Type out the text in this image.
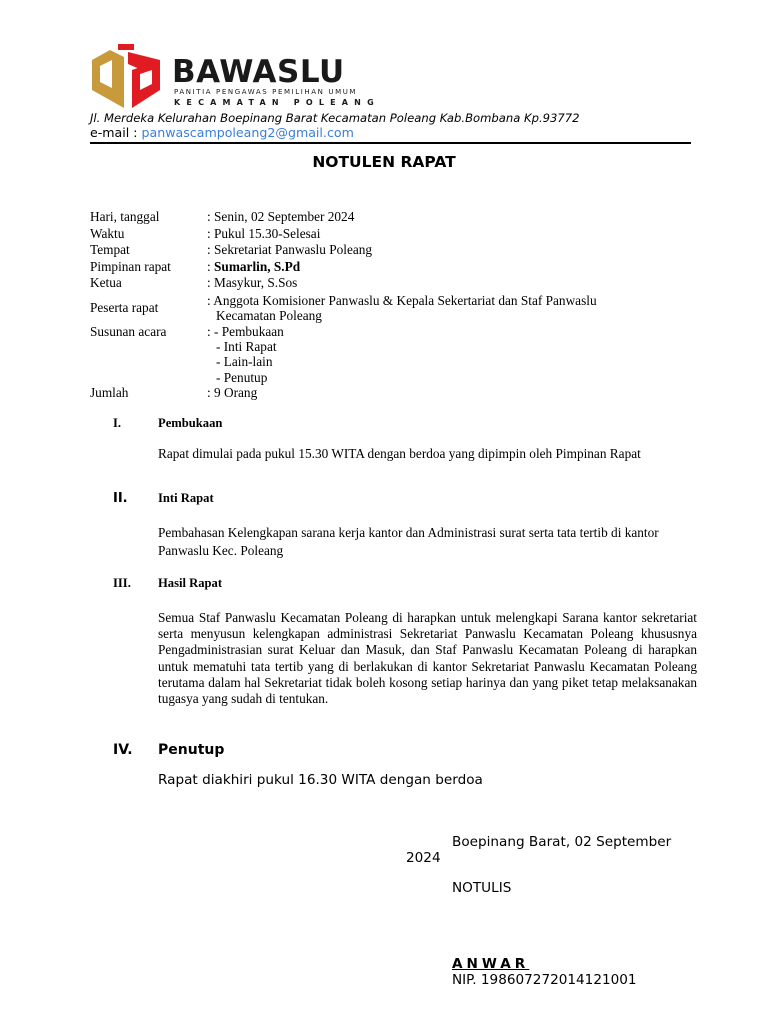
BAWASLU
PANITIA PENGAWAS PEMILIHAN UMUM
KECAMATAN POLEANG
Jl. Merdeka Kelurahan Boepinang Barat Kecamatan Poleang Kab.Bombana Kp.93772
e-mail : panwascampoleang2@gmail.com
NOTULEN RAPAT
Hari, tanggal	: Senin, 02 September 2024
Waktu	: Pukul 15.30-Selesai
Tempat	: Sekretariat Panwaslu Poleang
Pimpinan rapat	: Sumarlin, S.Pd
Ketua	: Masykur, S.Sos
Peserta rapat	: Anggota Komisioner Panwaslu & Kepala Sekertariat dan Staf Panwaslu
Kecamatan Poleang
Susunan acara	: - Pembukaan
- Inti Rapat
- Lain-lain
- Penutup
Jumlah	: 9 Orang
I.	Pembukaan
Rapat dimulai pada pukul 15.30 WITA dengan berdoa yang dipimpin oleh Pimpinan Rapat
II. Inti Rapat
Pembahasan Kelengkapan sarana kerja kantor dan Administrasi surat serta tata tertib di kantor Panwaslu Kec. Poleang
III. Hasil Rapat
Semua Staf Panwaslu Kecamatan Poleang di harapkan untuk melengkapi Sarana kantor sekretariat serta menyusun kelengkapan administrasi Sekretariat Panwaslu Kecamatan Poleang khususnya Pengadministrasian surat Keluar dan Masuk, dan Staf Panwaslu Kecamatan Poleang di harapkan untuk mematuhi tata tertib yang di berlakukan di kantor Sekretariat Panwaslu Kecamatan Poleang terutama dalam hal Sekretariat tidak boleh kosong setiap harinya dan yang piket tetap melaksanakan tugasya yang sudah di tentukan.
IV. Penutup
Rapat diakhiri pukul 16.30 WITA dengan berdoa
Boepinang Barat, 02 September
2024
NOTULIS
ANWAR
NIP. 198607272014121001
